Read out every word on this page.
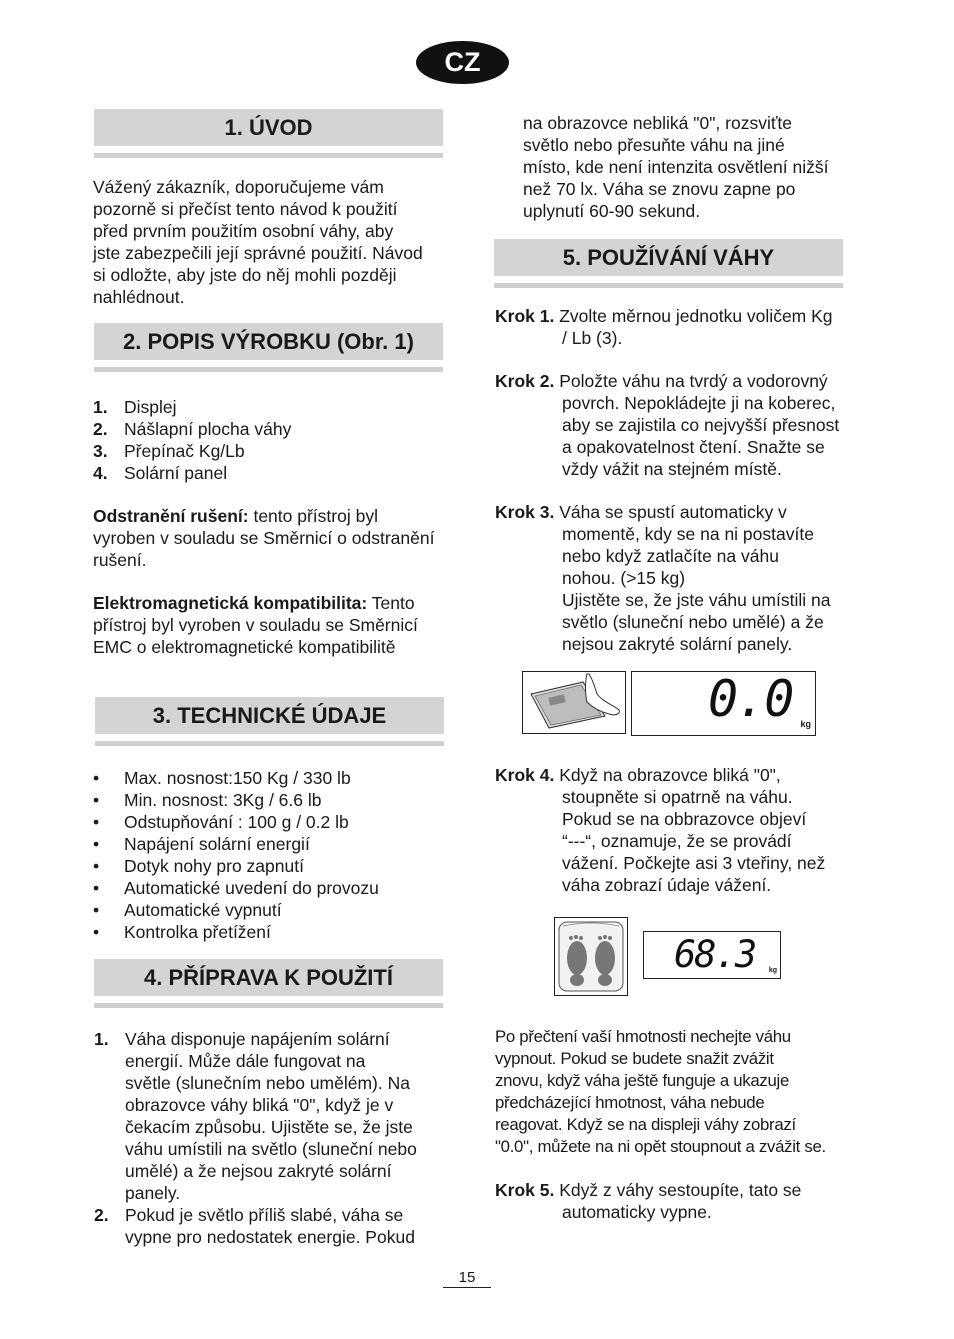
CZ
1. ÚVOD
Vážený zákazník, doporučujeme vám
pozorně si přečíst tento návod k použití
před prvním použitím osobní váhy, aby
jste zabezpečili její správné použití. Návod
si odložte, aby jste do něj mohli později
nahlédnout.
2. POPIS VÝROBKU (Obr. 1)
1. Displej
2. Nášlapní plocha váhy
3. Přepínač Kg/Lb
4. Solární panel
Odstranění rušení: tento přístroj byl
vyroben v souladu se Směrnicí o odstranění
rušení.
Elektromagnetická kompatibilita: Tento
přístroj byl vyroben v souladu se Směrnicí
EMC o elektromagnetické kompatibilitě
3. TECHNICKÉ ÚDAJE
• Max. nosnost:150 Kg / 330 lb
• Min. nosnost: 3Kg / 6.6 lb
• Odstupňování : 100 g / 0.2 lb
• Napájení solární energií
• Dotyk nohy pro zapnutí
• Automatické uvedení do provozu
• Automatické vypnutí
• Kontrolka přetížení
4. PŘÍPRAVA K POUŽITÍ
1. Váha disponuje napájením solární
energií. Může dále fungovat na
světle (slunečním nebo umělém). Na
obrazovce váhy bliká "0", když je v
čekacím způsobu. Ujistěte se, že jste
váhu umístili na světlo (sluneční nebo
umělé) a že nejsou zakryté solární
panely.
2. Pokud je světlo příliš slabé, váha se
vypne pro nedostatek energie. Pokud
na obrazovce nebliká "0", rozsviťte
světlo nebo přesuňte váhu na jiné
místo, kde není intenzita osvětlení nižší
než 70 lx. Váha se znovu zapne po
uplynutí 60-90 sekund.
5. POUŽÍVÁNÍ VÁHY
Krok 1. Zvolte měrnou jednotku voličem Kg
/ Lb (3).
Krok 2. Položte váhu na tvrdý a vodorovný
povrch. Nepokládejte ji na koberec,
aby se zajistila co nejvyšší přesnost
a opakovatelnost čtení. Snažte se
vždy vážit na stejném místě.
Krok 3. Váha se spustí automaticky v
momentě, kdy se na ni postavíte
nebo když zatlačíte na váhu
nohou. (>15 kg)
Ujistěte se, že jste váhu umístili na
světlo (sluneční nebo umělé) a že
nejsou zakryté solární panely.
0.0 kg
Krok 4. Když na obrazovce bliká "0",
stoupněte si opatrně na váhu.
Pokud se na obbrazovce objeví
“---“, oznamuje, že se provádí
vážení. Počkejte asi 3 vteřiny, než
váha zobrazí údaje vážení.
68.3 kg
Po přečtení vaší hmotnosti nechejte váhu
vypnout. Pokud se budete snažit zvážit
znovu, když váha ještě funguje a ukazuje
předcházející hmotnost, váha nebude
reagovat. Když se na displeji váhy zobrazí
"0.0", můžete na ni opět stoupnout a zvážit se.
Krok 5. Když z váhy sestoupíte, tato se
automaticky vypne.
15
